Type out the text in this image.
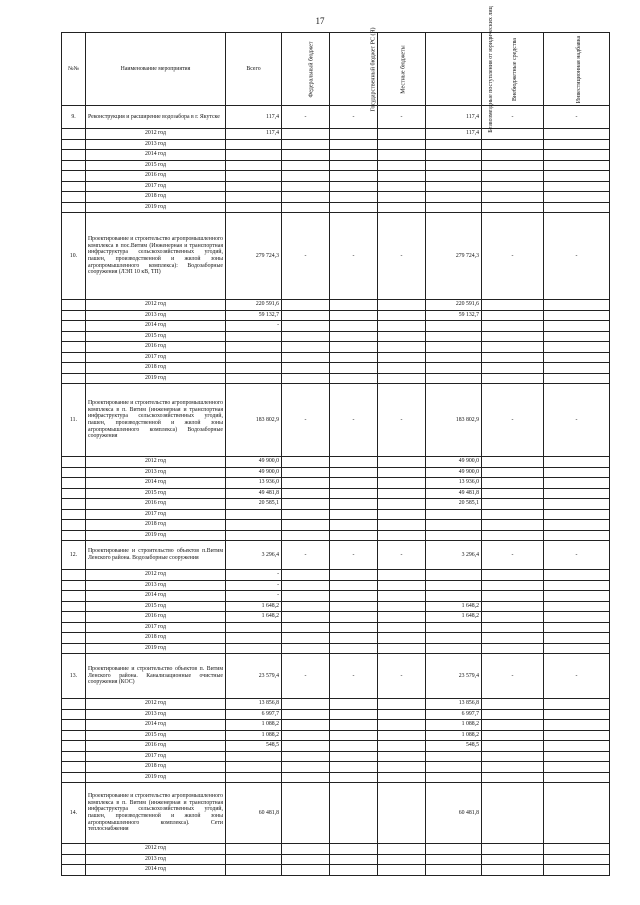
17
№№	Наименование мероприятия	Всего	Федеральный бюджет	Государственный бюджет РС (Я)	Местные бюджеты	Безвозмездные поступления от юридических лиц	Внебюджетные средства	Инвестиционная надбавка
9.	Реконструкция и расширение водозабора в г. Якутске	117,4	-	-	-	117,4	-	-
	2012 год	117,4				117,4		
	2013 год							
	2014 год							
	2015 год							
	2016 год							
	2017 год							
	2018 год							
	2019 год							
10.	Проектирование и строительство агропромышленного комплекса в пос.Витим (Инженерная и транспортная инфраструктура сельскохозяйственных угодий, пашен, производственной и жилой зоны агропромышленного комплекса): Водозаборные сооружения (ЛЭП 10 кВ, ТП)	279 724,3	-	-	-	279 724,3	-	-
	2012 год	220 591,6				220 591,6		
	2013 год	59 132,7				59 132,7		
	2014 год	-						
	2015 год							
	2016 год							
	2017 год							
	2018 год							
	2019 год							
11.	Проектирование и строительство агропромышленного комплекса в п. Витим (инженерная и транспортная инфраструктура сельскохозяйственных угодий, пашен, производственной и жилой зоны агропромышленного комплекса) Водозаборные сооружения	183 802,9	-	-	-	183 802,9	-	-
	2012 год	49 900,0				49 900,0		
	2013 год	49 900,0				49 900,0		
	2014 год	13 936,0				13 936,0		
	2015 год	49 481,8				49 481,8		
	2016 год	20 585,1				20 585,1		
	2017 год							
	2018 год							
	2019 год							
12.	Проектирование и строительство объектов п.Витим Ленского района. Водозаборные сооружения	3 296,4	-	-	-	3 296,4	-	-
	2012 год	-						
	2013 год	-						
	2014 год	-						
	2015 год	1 648,2				1 648,2		
	2016 год	1 648,2				1 648,2		
	2017 год							
	2018 год							
	2019 год							
13.	Проектирование и строительство объектов п. Витим Ленского района. Канализационные очистные сооружения (КОС)	23 579,4	-	-	-	23 579,4	-	-
	2012 год	13 856,8				13 856,8		
	2013 год	6 997,7				6 997,7		
	2014 год	1 088,2				1 088,2		
	2015 год	1 088,2				1 088,2		
	2016 год	548,5				548,5		
	2017 год							
	2018 год							
	2019 год							
14.	Проектирование и строительство агропромышленного комплекса в п. Витим (инженерная и транспортная инфраструктура сельскохозяйственных угодий, пашен, производственной и жилой зоны агропромышленного комплекса). Сети теплоснабжения	60 481,8				60 481,8		
	2012 год							
	2013 год							
	2014 год							
